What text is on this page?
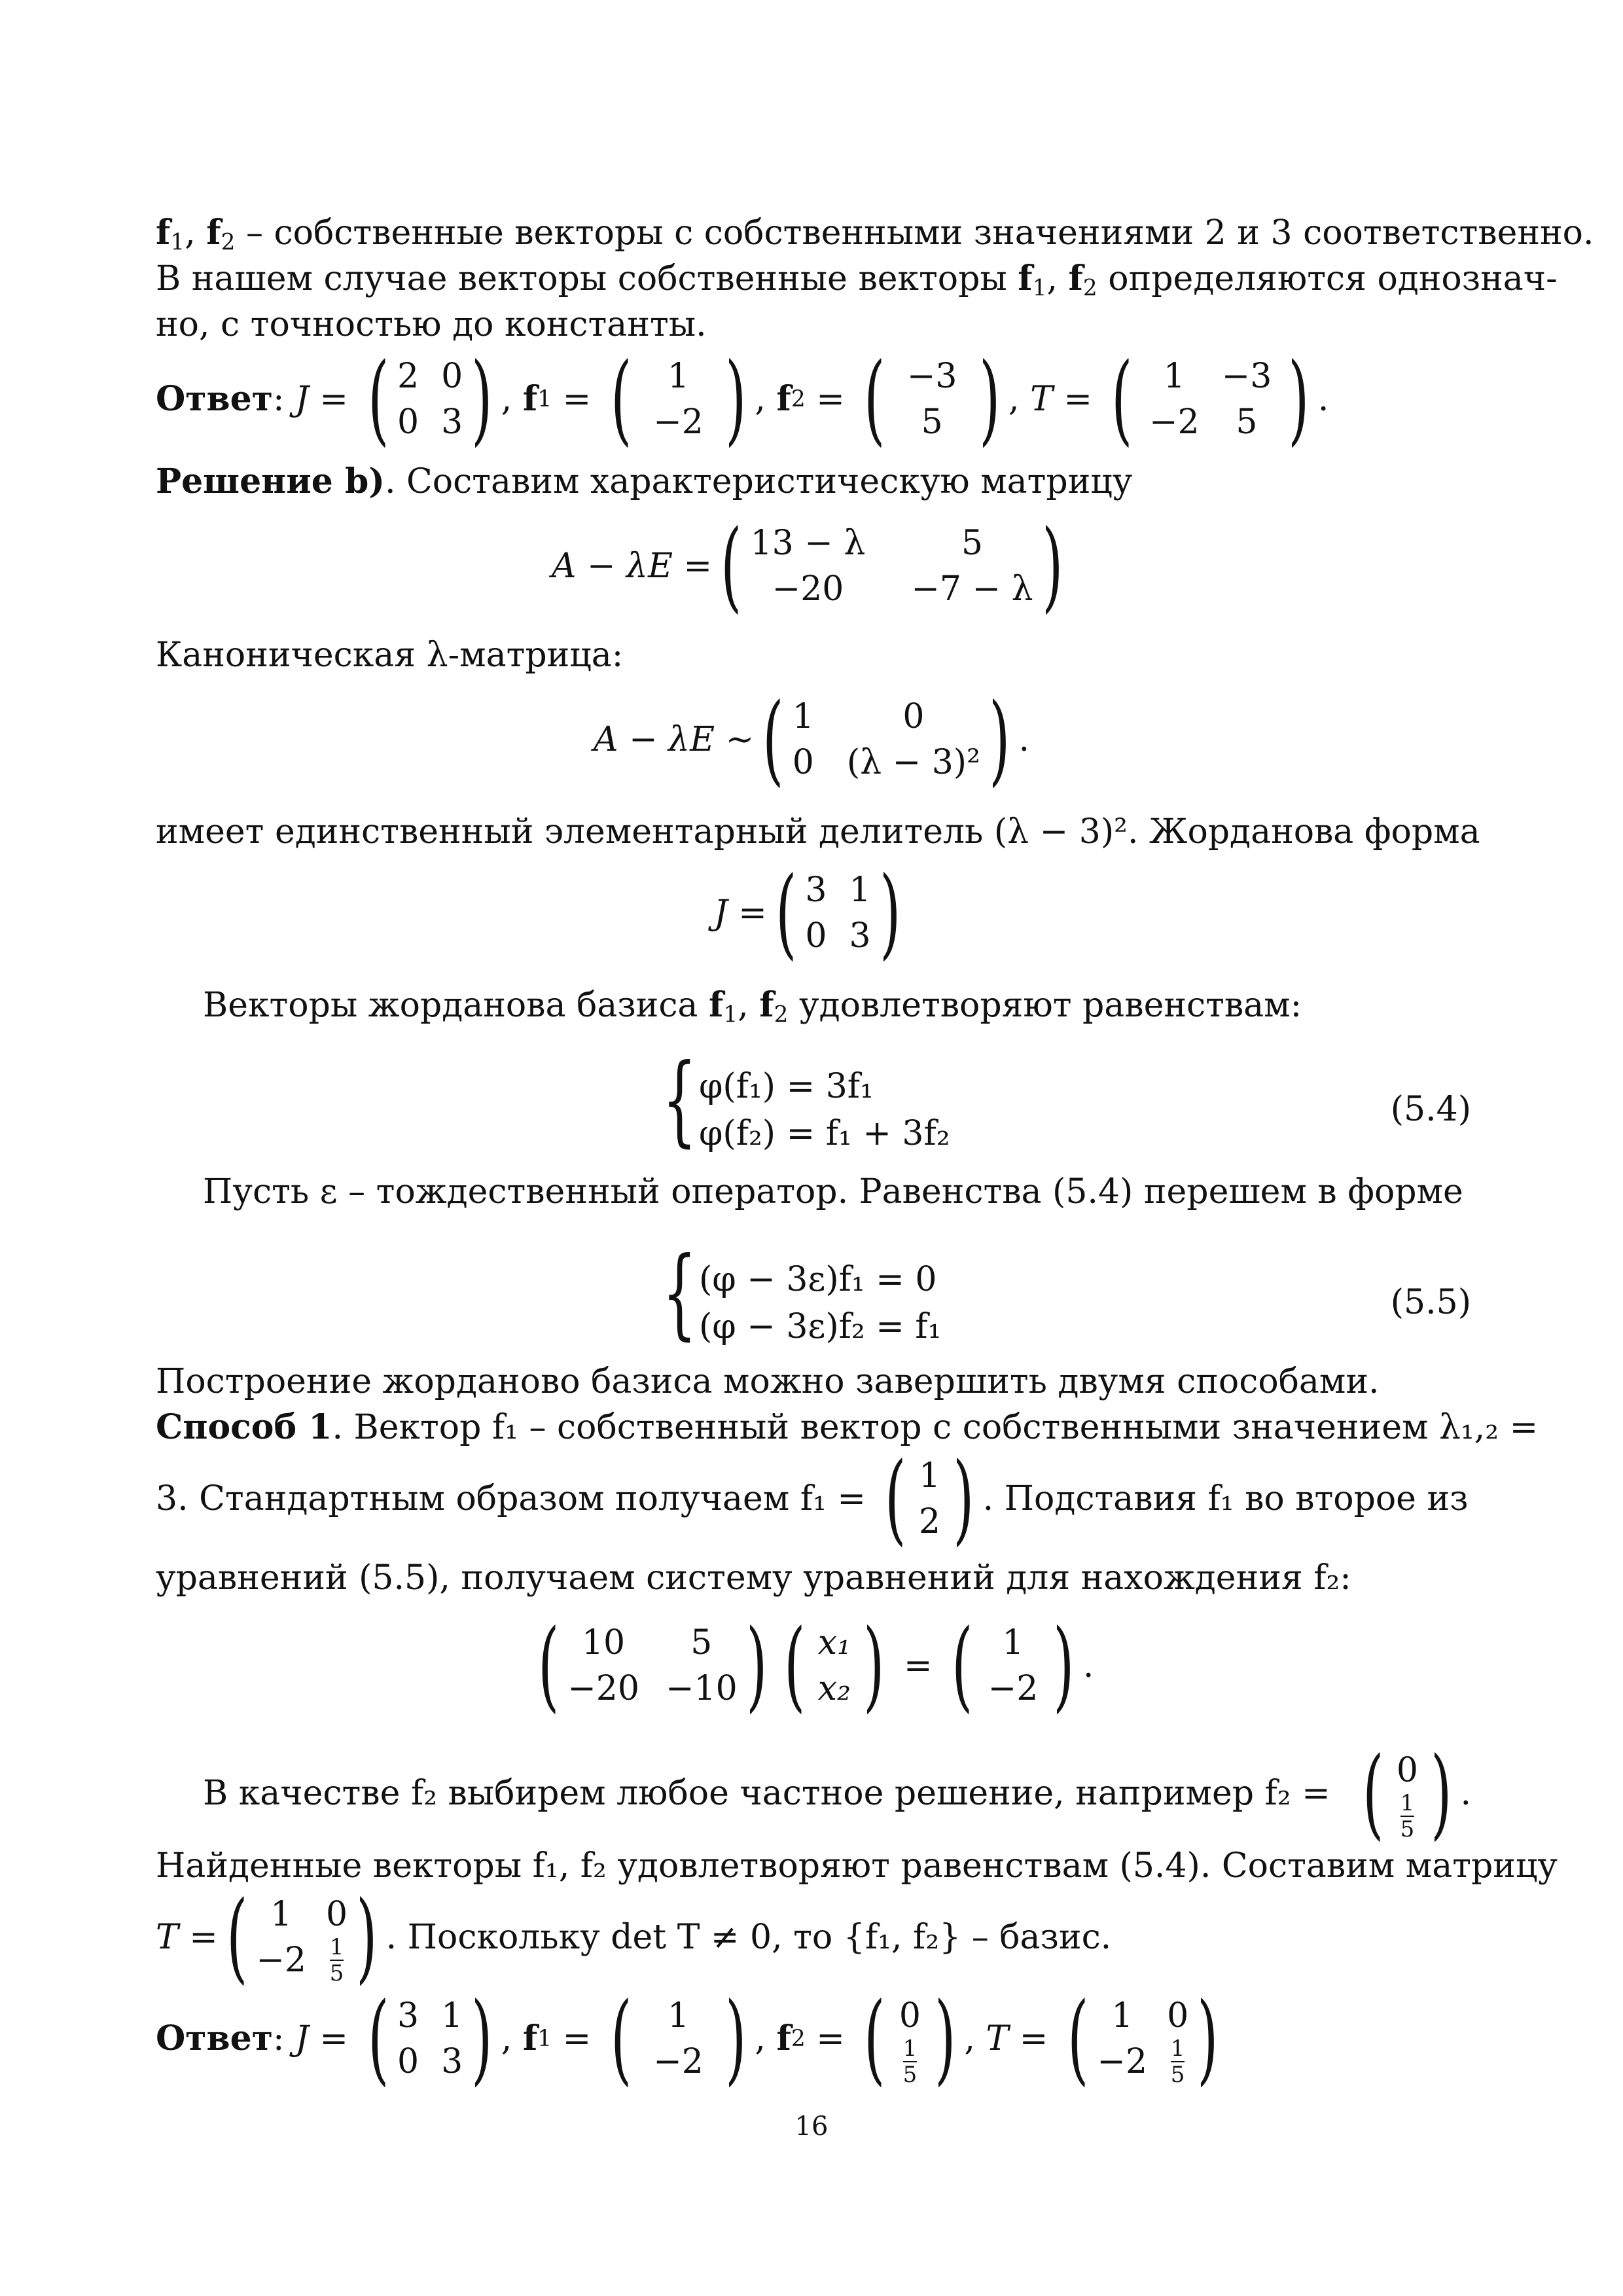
$f_1$, $f_2$ – собственные векторы с собственными значениями 2 и 3 соответственно.
В нашем случае векторы собственные векторы $f_1$, $f_2$ определяются однознач-
но, с точностью до константы.
Ответ : J = ( 2 0
0 3 ) , f 1 = ( 1
−2 ) , f 2 = ( −3
5 ) , T = ( 1 −3
−2 5 ) .
Решение b). Составим характеристическую матрицу
A − λE = ( 13 − λ	5
−20 −7 − λ )
Каноническая λ-матрица:
A − λE ∼ ( 1	0
0 (λ − 3)² ) .
имеет единственный элементарный делитель (λ − 3)². Жорданова форма
J = ( 3 1
0 3 )
Векторы жорданова базиса $f_1$, $f_2$ удовлетворяют равенствам:
{ φ(f₁) = 3f₁
φ(f₂) = f₁ + 3f₂
(5.4)
Пусть ε – тождественный оператор. Равенства (5.4) перешем в форме
{ (φ − 3ε)f₁ = 0
(φ − 3ε)f₂ = f₁
(5.5)
Построение жорданово базиса можно завершить двумя способами.
Способ 1. Вектор f₁ – собственный вектор с собственными значением λ₁,₂ =
3. Стандартным образом получаем f₁ =
( 1
2 ) . Подставия f₁ во второе из
уравнений (5.5), получаем систему уравнений для нахождения f₂:
( 10 5
−20 −10 ) ( x₁
x₂ ) = ( 1
−2 ) .
В качестве f₂ выбирем любое частное решение, например f₂ = ( 0
$\frac{1}{5}$ ) .
Найденные векторы f₁, f₂ удовлетворяют равенствам (5.4). Составим матрицу
T = ( 1 0
$-2 \frac{1}{5}$ ) . Поскольку det T ≠ 0, то {f₁, f₂} – базис.
Ответ : J = ( 3 1
0 3 ) , f 1 = ( 1
−2 ) , f 2 = ( 0
$\frac{1}{5}$ ) , T = ( 1 0
$-2 \frac{1}{5}$ )
16
